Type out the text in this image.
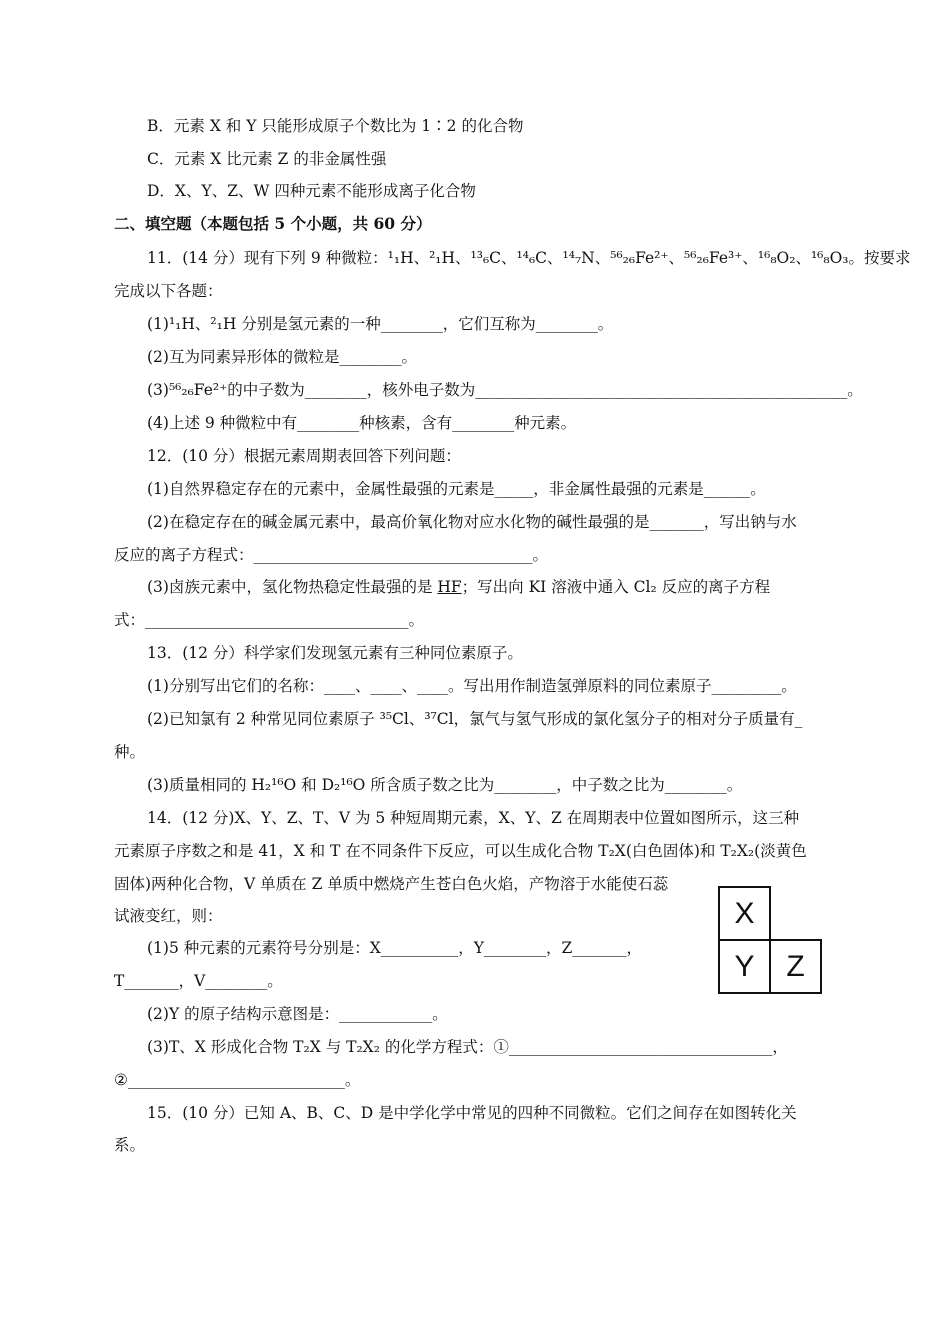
B．元素 X 和 Y 只能形成原子个数比为 1∶2 的化合物
C．元素 X 比元素 Z 的非金属性强
D．X、Y、Z、W 四种元素不能形成离子化合物
二、填空题（本题包括 5 个小题，共 60 分）
11．(14 分）现有下列 9 种微粒：¹₁H、²₁H、¹³₆C、¹⁴₆C、¹⁴₇N、⁵⁶₂₆Fe²⁺、⁵⁶₂₆Fe³⁺、¹⁶₈O₂、¹⁶₈O₃。按要求
完成以下各题：
(1)¹₁H、²₁H 分别是氢元素的一种________，它们互称为________。
(2)互为同素异形体的微粒是________。
(3)⁵⁶₂₆Fe²⁺的中子数为________，核外电子数为________________________________________________。
(4)上述 9 种微粒中有________种核素，含有________种元素。
12．(10 分）根据元素周期表回答下列问题：
(1)自然界稳定存在的元素中，金属性最强的元素是_____，非金属性最强的元素是______。
(2)在稳定存在的碱金属元素中，最高价氧化物对应水化物的碱性最强的是_______，写出钠与水
反应的离子方程式：____________________________________。
(3)卤族元素中，氢化物热稳定性最强的是 HF；写出向 KI 溶液中通入 Cl₂ 反应的离子方程
式：__________________________________。
13．(12 分）科学家们发现氢元素有三种同位素原子。
(1)分别写出它们的名称：____、____、____。写出用作制造氢弹原料的同位素原子_________。
(2)已知氯有 2 种常见同位素原子 ³⁵Cl、³⁷Cl，氯气与氢气形成的氯化氢分子的相对分子质量有_
种。
(3)质量相同的 H₂¹⁶O 和 D₂¹⁶O 所含质子数之比为________，中子数之比为________。
14．(12 分)X、Y、Z、T、V 为 5 种短周期元素，X、Y、Z 在周期表中位置如图所示，这三种
元素原子序数之和是 41，X 和 T 在不同条件下反应，可以生成化合物 T₂X(白色固体)和 T₂X₂(淡黄色
固体)两种化合物，V 单质在 Z 单质中燃烧产生苍白色火焰，产物溶于水能使石蕊
试液变红，则：
(1)5 种元素的元素符号分别是：X__________，Y________，Z_______，
T_______，V________。
(2)Y 的原子结构示意图是：____________。
(3)T、X 形成化合物 T₂X 与 T₂X₂ 的化学方程式：①__________________________________，
②____________________________。
X
Y	Z
15．(10 分）已知 A、B、C、D 是中学化学中常见的四种不同微粒。它们之间存在如图转化关
系。
